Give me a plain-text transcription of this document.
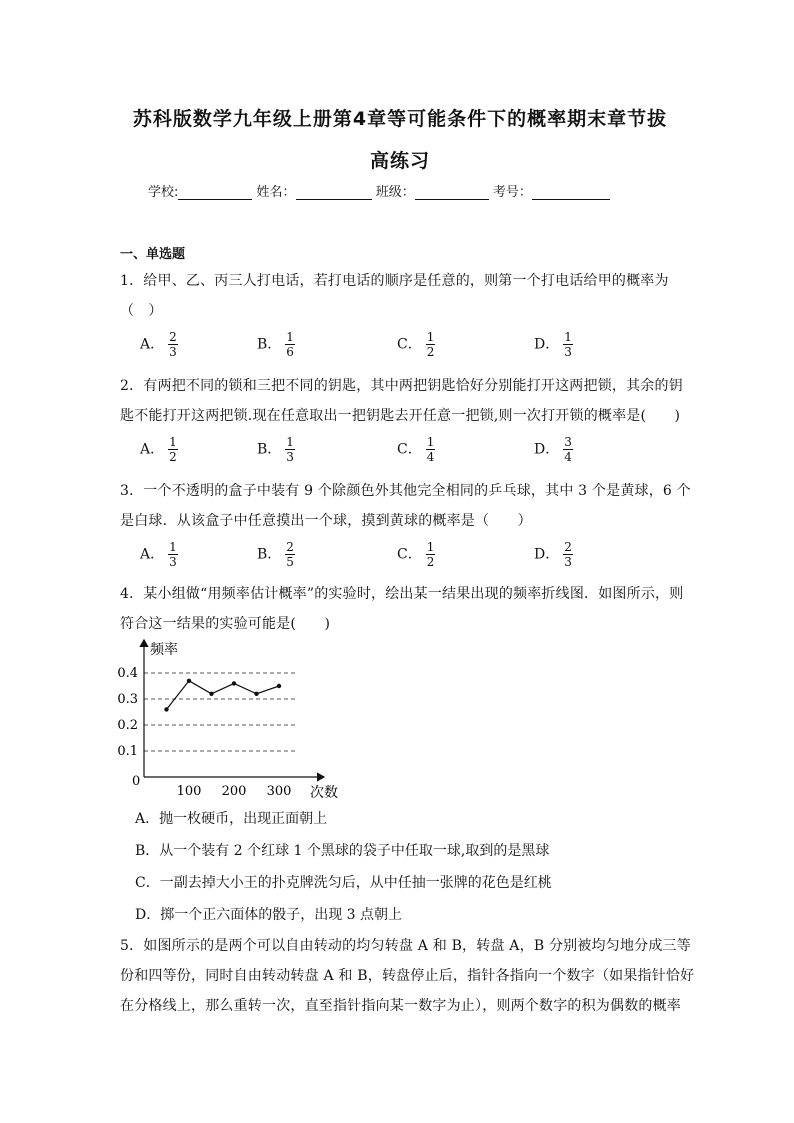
苏科版数学九年级上册第4章等可能条件下的概率期末章节拔
高练习
学校:	姓名：	班级：	考号：
一、单选题
1．给甲、乙、丙三人打电话，若打电话的顺序是任意的，则第一个打电话给甲的概率为
（　）
A． $\frac{2}{3}$	B． $\frac{1}{6}$	C． $\frac{1}{2}$	D． $\frac{1}{3}$
2．有两把不同的锁和三把不同的钥匙，其中两把钥匙恰好分别能打开这两把锁，其余的钥
匙不能打开这两把锁.现在任意取出一把钥匙去开任意一把锁,则一次打开锁的概率是(　　)
A． $\frac{1}{2}$	B． $\frac{1}{3}$	C． $\frac{1}{4}$	D． $\frac{3}{4}$
3．一个不透明的盒子中装有 9 个除颜色外其他完全相同的乒乓球，其中 3 个是黄球，6 个
是白球．从该盒子中任意摸出一个球，摸到黄球的概率是（　　）
A． $\frac{1}{3}$	B． $\frac{2}{5}$	C． $\frac{1}{2}$	D． $\frac{2}{3}$
4．某小组做“用频率估计概率”的实验时，绘出某一结果出现的频率折线图．如图所示，则
符合这一结果的实验可能是(　　)
频率
次数
0
0.1
0.2
0.3
0.4
100 200 300
A．抛一枚硬币，出现正面朝上
B．从一个装有 2 个红球 1 个黑球的袋子中任取一球,取到的是黑球
C．一副去掉大小王的扑克牌洗匀后，从中任抽一张牌的花色是红桃
D．掷一个正六面体的骰子，出现 3 点朝上
5．如图所示的是两个可以自由转动的均匀转盘 A 和 B，转盘 A，B 分别被均匀地分成三等
份和四等份，同时自由转动转盘 A 和 B，转盘停止后，指针各指向一个数字（如果指针恰好
在分格线上，那么重转一次，直至指针指向某一数字为止），则两个数字的积为偶数的概率
